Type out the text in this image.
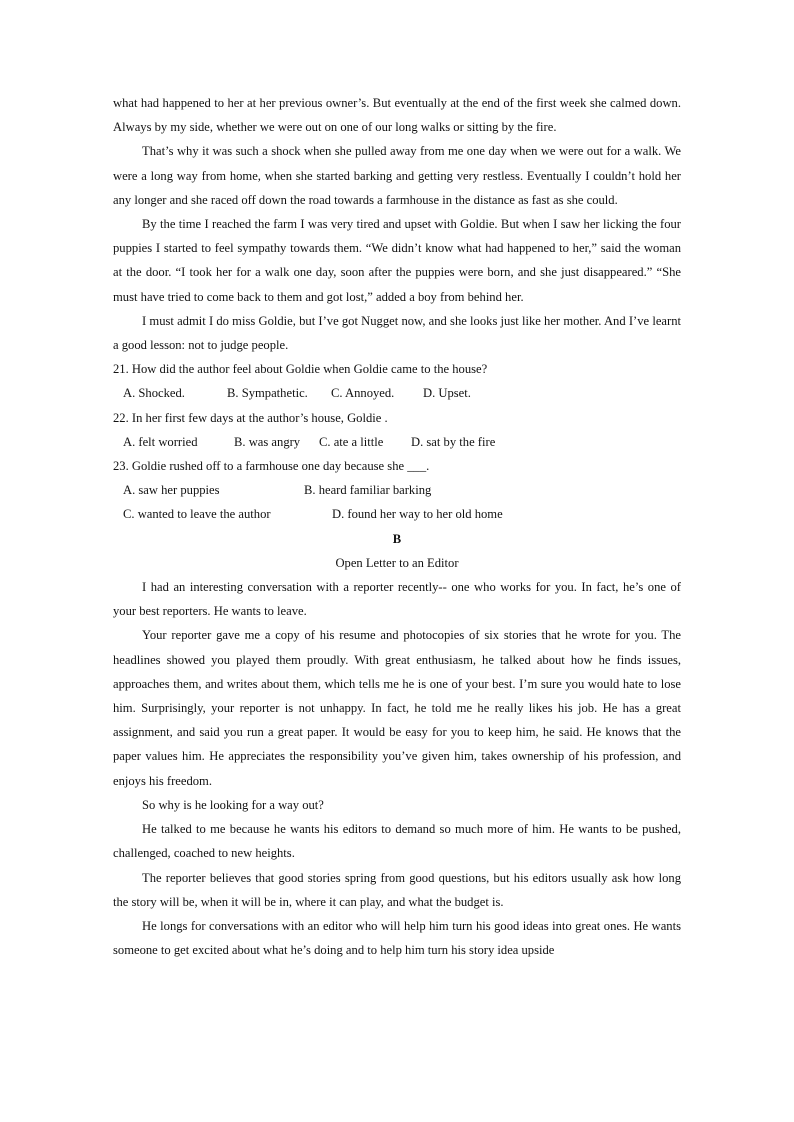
what had happened to her at her previous owner’s. But eventually at the end of the first week she calmed down. Always by my side, whether we were out on one of our long walks or sitting by the fire.

That’s why it was such a shock when she pulled away from me one day when we were out for a walk. We were a long way from home, when she started barking and getting very restless. Eventually I couldn’t hold her any longer and she raced off down the road towards a farmhouse in the distance as fast as she could.

By the time I reached the farm I was very tired and upset with Goldie. But when I saw her licking the four puppies I started to feel sympathy towards them. “We didn’t know what had happened to her,” said the woman at the door. “I took her for a walk one day, soon after the puppies were born, and she just disappeared.” “She must have tried to come back to them and got lost,” added a boy from behind her.

I must admit I do miss Goldie, but I’ve got Nugget now, and she looks just like her mother. And I’ve learnt a good lesson: not to judge people.

21. How did the author feel about Goldie when Goldie came to the house?

A. Shocked.	B. Sympathetic. C. Annoyed. D. Upset.

22. In her first few days at the author’s house, Goldie .

A. felt worried	B. was angry C. ate a little D. sat by the fire

23. Goldie rushed off to a farmhouse one day because she ___.

A. saw her puppies	B. heard familiar barking

C. wanted to leave the author	D. found her way to her old home

B

Open Letter to an Editor

I had an interesting conversation with a reporter recently-- one who works for you. In fact, he’s one of your best reporters. He wants to leave.

Your reporter gave me a copy of his resume and photocopies of six stories that he wrote for you. The headlines showed you played them proudly. With great enthusiasm, he talked about how he finds issues, approaches them, and writes about them, which tells me he is one of your best. I’m sure you would hate to lose him. Surprisingly, your reporter is not unhappy. In fact, he told me he really likes his job. He has a great assignment, and said you run a great paper. It would be easy for you to keep him, he said. He knows that the paper values him. He appreciates the responsibility you’ve given him, takes ownership of his profession, and enjoys his freedom.

So why is he looking for a way out?

He talked to me because he wants his editors to demand so much more of him. He wants to be pushed, challenged, coached to new heights.

The reporter believes that good stories spring from good questions, but his editors usually ask how long the story will be, when it will be in, where it can play, and what the budget is.

He longs for conversations with an editor who will help him turn his good ideas into great ones. He wants someone to get excited about what he’s doing and to help him turn his story idea upside
